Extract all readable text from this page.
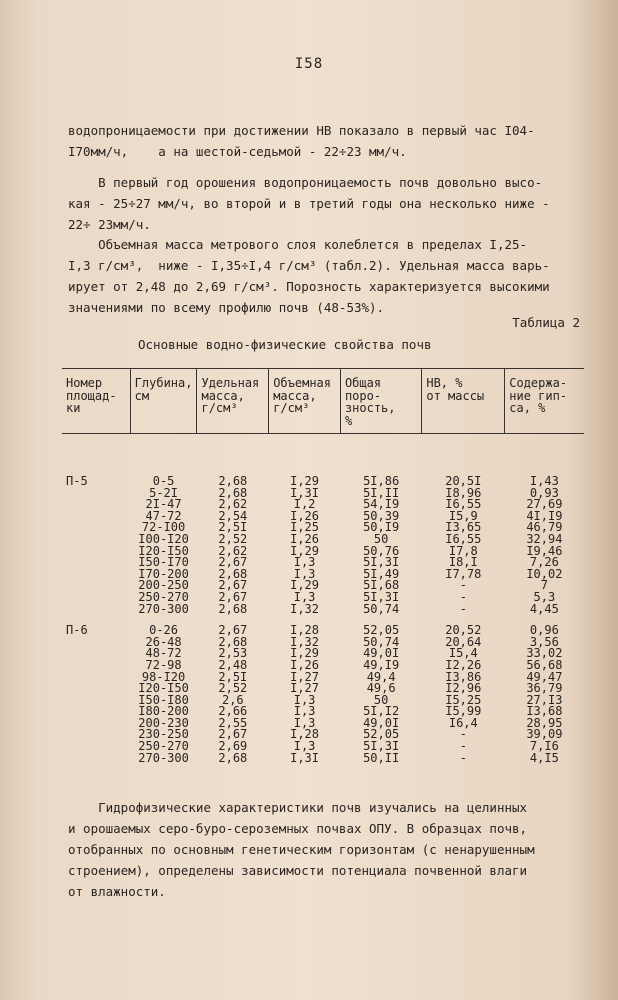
I58
водопроницаемости при достижении НВ показало в первый час I04-
I70мм/ч,    а на шестой-седьмой - 22÷23 мм/ч.
В первый год орошения водопроницаемость почв довольно высо-
кая - 25÷27 мм/ч, во второй и в третий годы она несколько ниже -
22÷ 23мм/ч.
Объемная масса метрового слоя колеблется в пределах I,25-
I,3 г/см³,  ниже - I,35÷I,4 г/см³ (табл.2). Удельная масса варь-
ирует от 2,48 до 2,69 г/см³. Порозность характеризуется высокими
значениями по всему профилю почв (48-53%).
Таблица 2
Основные водно-физические свойства почв
Номер
площад-
ки	Глубина,
см	Удельная
масса,
г/см³	Объемная
масса,
г/см³	Общая
поро-
зность,
%	НВ, %
от массы	Содержа-
ние гип-
са, %

П-5	0-5	2,68	I,29	5I,86	20,5I	I,43
	5-2I	2,68	I,3I	5I,II	I8,96	0,93
	2I-47	2,62	I,2	54,I9	I6,55	27,69
	47-72	2,54	I,26	50,39	I5,9	4I,I9
	72-I00	2,5I	I,25	50,I9	I3,65	46,79
	I00-I20	2,52	I,26	50	I6,55	32,94
	I20-I50	2,62	I,29	50,76	I7,8	I9,46
	I50-I70	2,67	I,3	5I,3I	I8,I	7,26
	I70-200	2,68	I,3	5I,49	I7,78	I0,02
	200-250	2,67	I,29	5I,68	-	7
	250-270	2,67	I,3	5I,3I	-	5,3
	270-300	2,68	I,32	50,74	-	4,45

П-6	0-26	2,67	I,28	52,05	20,52	0,96
	26-48	2,68	I,32	50,74	20,64	3,56
	48-72	2,53	I,29	49,0I	I5,4	33,02
	72-98	2,48	I,26	49,I9	I2,26	56,68
	98-I20	2,5I	I,27	49,4	I3,86	49,47
	I20-I50	2,52	I,27	49,6	I2,96	36,79
	I50-I80	2,6	I,3	50	I5,25	27,I3
	I80-200	2,66	I,3	5I,I2	I5,99	I3,68
	200-230	2,55	I,3	49,0I	I6,4	28,95
	230-250	2,67	I,28	52,05	-	39,09
	250-270	2,69	I,3	5I,3I	-	7,I6
	270-300	2,68	I,3I	50,II	-	4,I5
Гидрофизические характеристики почв изучались на целинных
и орошаемых серо-буро-сероземных почвах ОПУ. В образцах почв,
отобранных по основным генетическим горизонтам (с ненарушенным
строением), определены зависимости потенциала почвенной влаги
от влажности.
